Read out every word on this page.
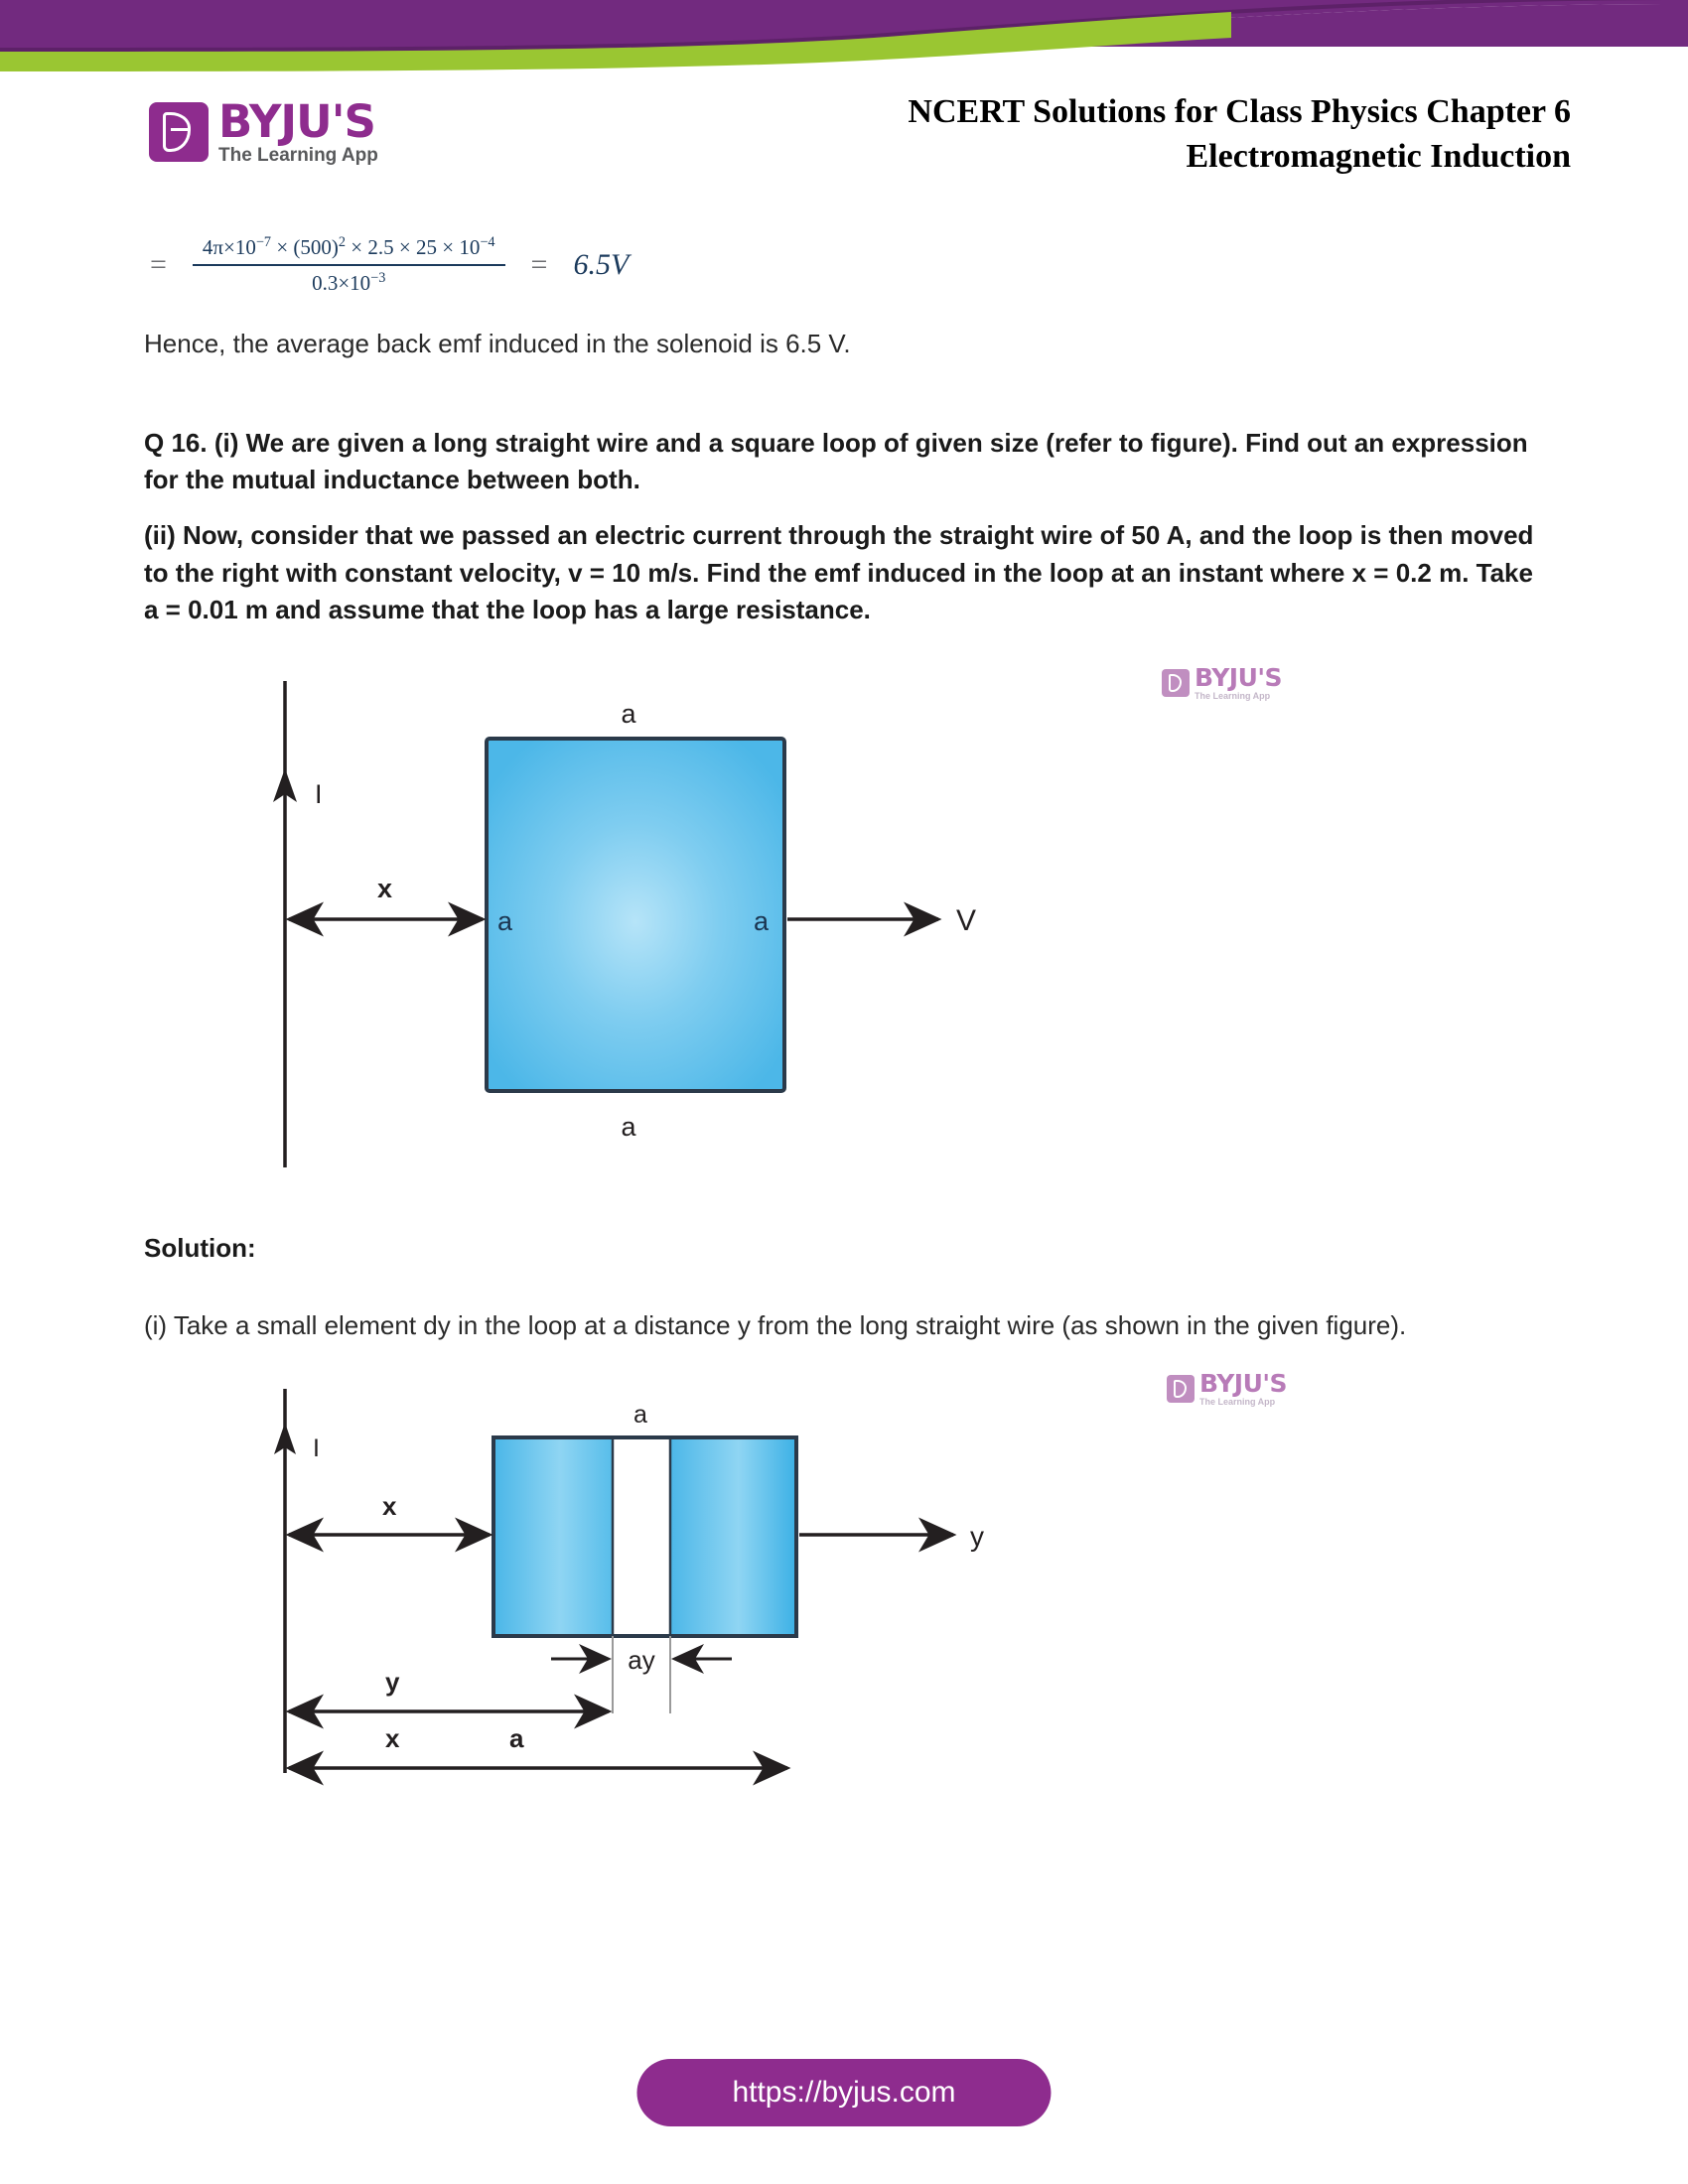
BYJU'S
The Learning App
NCERT Solutions for Class Physics Chapter 6
Electromagnetic Induction
= $\frac{4\pi\times 10^{-7} \times (500)^2 \times 2.5 \times 25 \times 10^{-4}}{0.3\times 10^{-3}} = 6.5V$

Hence, the average back emf induced in the solenoid is 6.5 V.

Q 16. (i) We are given a long straight wire and a square loop of given size (refer to figure). Find out an expression for the mutual inductance between both.

(ii) Now, consider that we passed an electric current through the straight wire of 50 A, and the loop is then moved to the right with constant velocity, v = 10 m/s. Find the emf induced in the loop at an instant where x = 0.2 m. Take a = 0.01 m and assume that the loop has a large resistance.

BYJU'S
The Learning App
I
x
V
a
a
a	a

Solution:

(i) Take a small element dy in the loop at a distance y from the long straight wire (as shown in the given figure).

BYJU'S
The Learning App
I
a
x
y
ay
y
x	a
https://byjus.com
